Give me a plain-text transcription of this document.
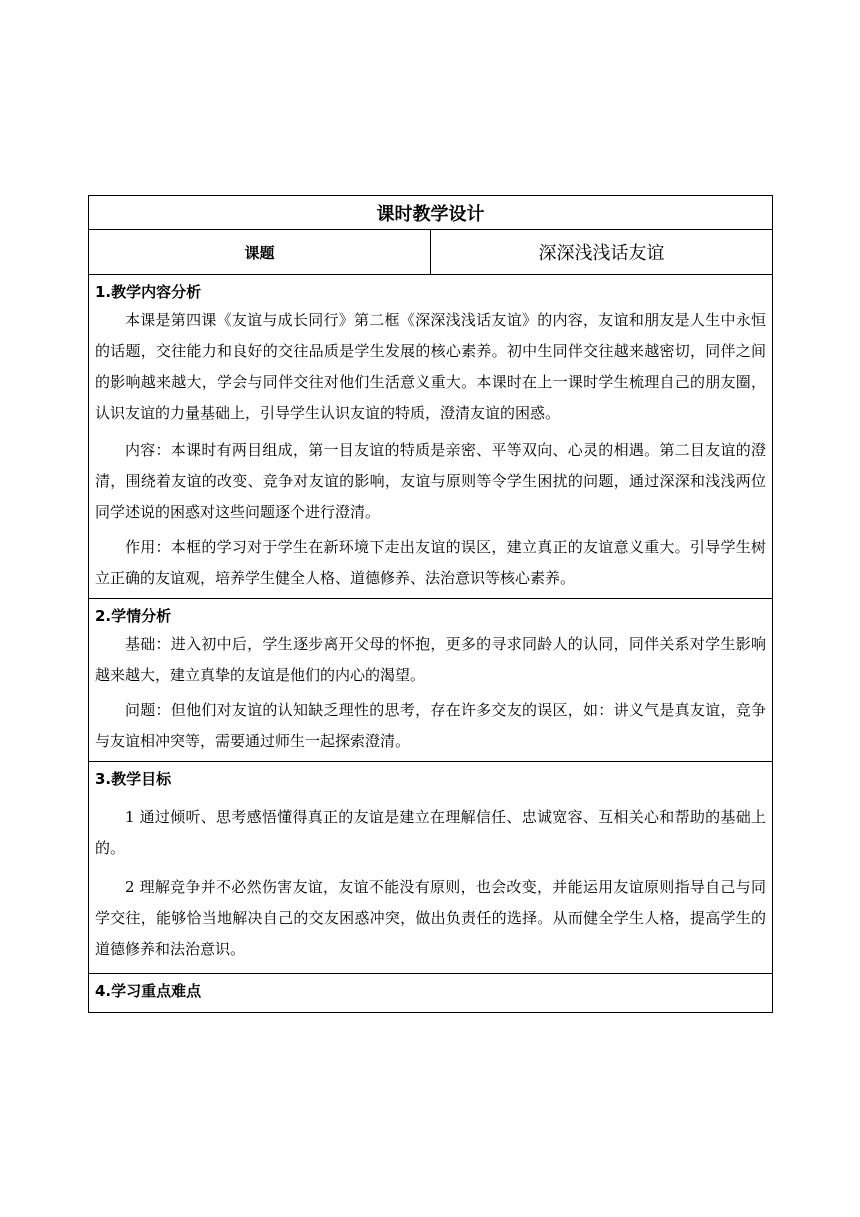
课时教学设计
课题	深深浅浅话友谊

1.教学内容分析

本课是第四课《友谊与成长同行》第二框《深深浅浅话友谊》的内容，友谊和朋友是人生中永恒的话题，交往能力和良好的交往品质是学生发展的核心素养。初中生同伴交往越来越密切，同伴之间的影响越来越大，学会与同伴交往对他们生活意义重大。本课时在上一课时学生梳理自己的朋友圈，认识友谊的力量基础上，引导学生认识友谊的特质，澄清友谊的困惑。

内容：本课时有两目组成，第一目友谊的特质是亲密、平等双向、心灵的相遇。第二目友谊的澄清，围绕着友谊的改变、竞争对友谊的影响，友谊与原则等令学生困扰的问题，通过深深和浅浅两位同学述说的困惑对这些问题逐个进行澄清。

作用：本框的学习对于学生在新环境下走出友谊的误区，建立真正的友谊意义重大。引导学生树立正确的友谊观，培养学生健全人格、道德修养、法治意识等核心素养。

2.学情分析

基础：进入初中后，学生逐步离开父母的怀抱，更多的寻求同龄人的认同，同伴关系对学生影响越来越大，建立真挚的友谊是他们的内心的渴望。

问题：但他们对友谊的认知缺乏理性的思考，存在许多交友的误区，如：讲义气是真友谊，竞争与友谊相冲突等，需要通过师生一起探索澄清。

3.教学目标

1 通过倾听、思考感悟懂得真正的友谊是建立在理解信任、忠诚宽容、互相关心和帮助的基础上的。

2 理解竞争并不必然伤害友谊，友谊不能没有原则，也会改变，并能运用友谊原则指导自己与同学交往，能够恰当地解决自己的交友困惑冲突，做出负责任的选择。从而健全学生人格，提高学生的道德修养和法治意识。

4.学习重点难点
